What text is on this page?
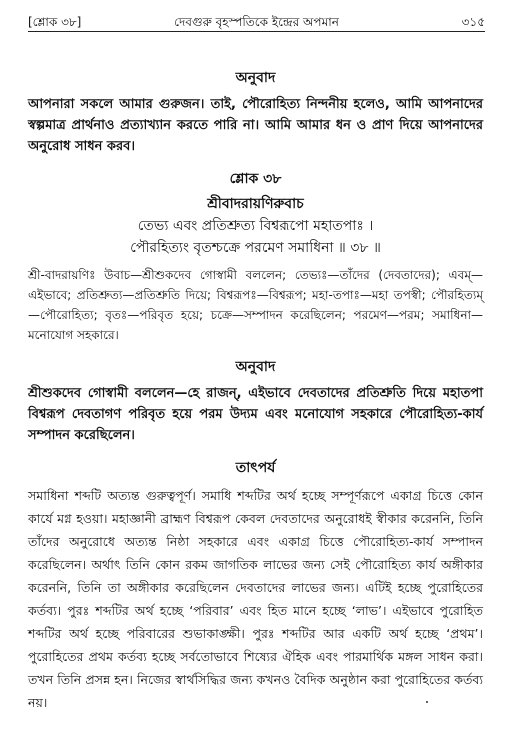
[শ্লোক ৩৮]	দেবগুরু বৃহস্পতিকে ইন্দ্রের অপমান	৩১৫
অনুবাদ

আপনারা সকলে আমার গুরুজন। তাই, পৌরোহিত্য নিন্দনীয় হলেও, আমি আপনাদের স্বল্পমাত্র প্রার্থনাও প্রত্যাখ্যান করতে পারি না। আমি আমার ধন ও প্রাণ দিয়ে আপনাদের অনুরোধ সাধন করব।

শ্লোক ৩৮
শ্রীবাদরায়ণিরুবাচ
তেভ্য এবং প্রতিশ্রুত্য বিশ্বরূপো মহাতপাঃ ।
পৌরহিত্যং বৃতশ্চক্রে পরমেণ সমাধিনা ॥ ৩৮ ॥

শ্রী-বাদরায়ণিঃ উবাচ—শ্রীশুকদেব গোস্বামী বললেন; তেভ্যঃ—তাঁদের (দেবতাদের); এবম্—এইভাবে; প্রতিশ্রুত্য—প্রতিশ্রুতি দিয়ে; বিশ্বরূপঃ—বিশ্বরূপ; মহা-তপাঃ—মহা তপস্বী; পৌরহিত্যম্—পৌরোহিত্য; বৃতঃ—পরিবৃত হয়ে; চক্রে—সম্পাদন করেছিলেন; পরমেণ—পরম; সমাধিনা—মনোযোগ সহকারে।

অনুবাদ

শ্রীশুকদেব গোস্বামী বললেন—হে রাজন্, এইভাবে দেবতাদের প্রতিশ্রুতি দিয়ে মহাতপা বিশ্বরূপ দেবতাগণ পরিবৃত হয়ে পরম উদ্যম এবং মনোযোগ সহকারে পৌরোহিত্য-কার্য সম্পাদন করেছিলেন।

তাৎপর্য

সমাধিনা শব্দটি অত্যন্ত গুরুত্বপূর্ণ। সমাধি শব্দটির অর্থ হচ্ছে সম্পূর্ণরূপে একাগ্র চিত্তে কোন কার্যে মগ্ন হওয়া। মহাজ্ঞানী ব্রাহ্মণ বিশ্বরূপ কেবল দেবতাদের অনুরোধই স্বীকার করেননি, তিনি তাঁদের অনুরোধে অত্যন্ত নিষ্ঠা সহকারে এবং একাগ্র চিত্তে পৌরোহিত্য-কার্য সম্পাদন করেছিলেন। অর্থাৎ তিনি কোন রকম জাগতিক লাভের জন্য সেই পৌরোহিত্য কার্য অঙ্গীকার করেননি, তিনি তা অঙ্গীকার করেছিলেন দেবতাদের লাভের জন্য। এটিই হচ্ছে পুরোহিতের কর্তব্য। পুরঃ শব্দটির অর্থ হচ্ছে ‘পরিবার’ এবং হিত মানে হচ্ছে ‘লাভ’। এইভাবে পুরোহিত শব্দটির অর্থ হচ্ছে পরিবারের শুভাকাঙ্ক্ষী। পুরঃ শব্দটির আর একটি অর্থ হচ্ছে ‘প্রথম’। পুরোহিতের প্রথম কর্তব্য হচ্ছে সর্বতোভাবে শিষ্যের ঐহিক এবং পারমার্থিক মঙ্গল সাধন করা। তখন তিনি প্রসন্ন হন। নিজের স্বার্থসিদ্ধির জন্য কখনও বৈদিক অনুষ্ঠান করা পুরোহিতের কর্তব্য নয়।
